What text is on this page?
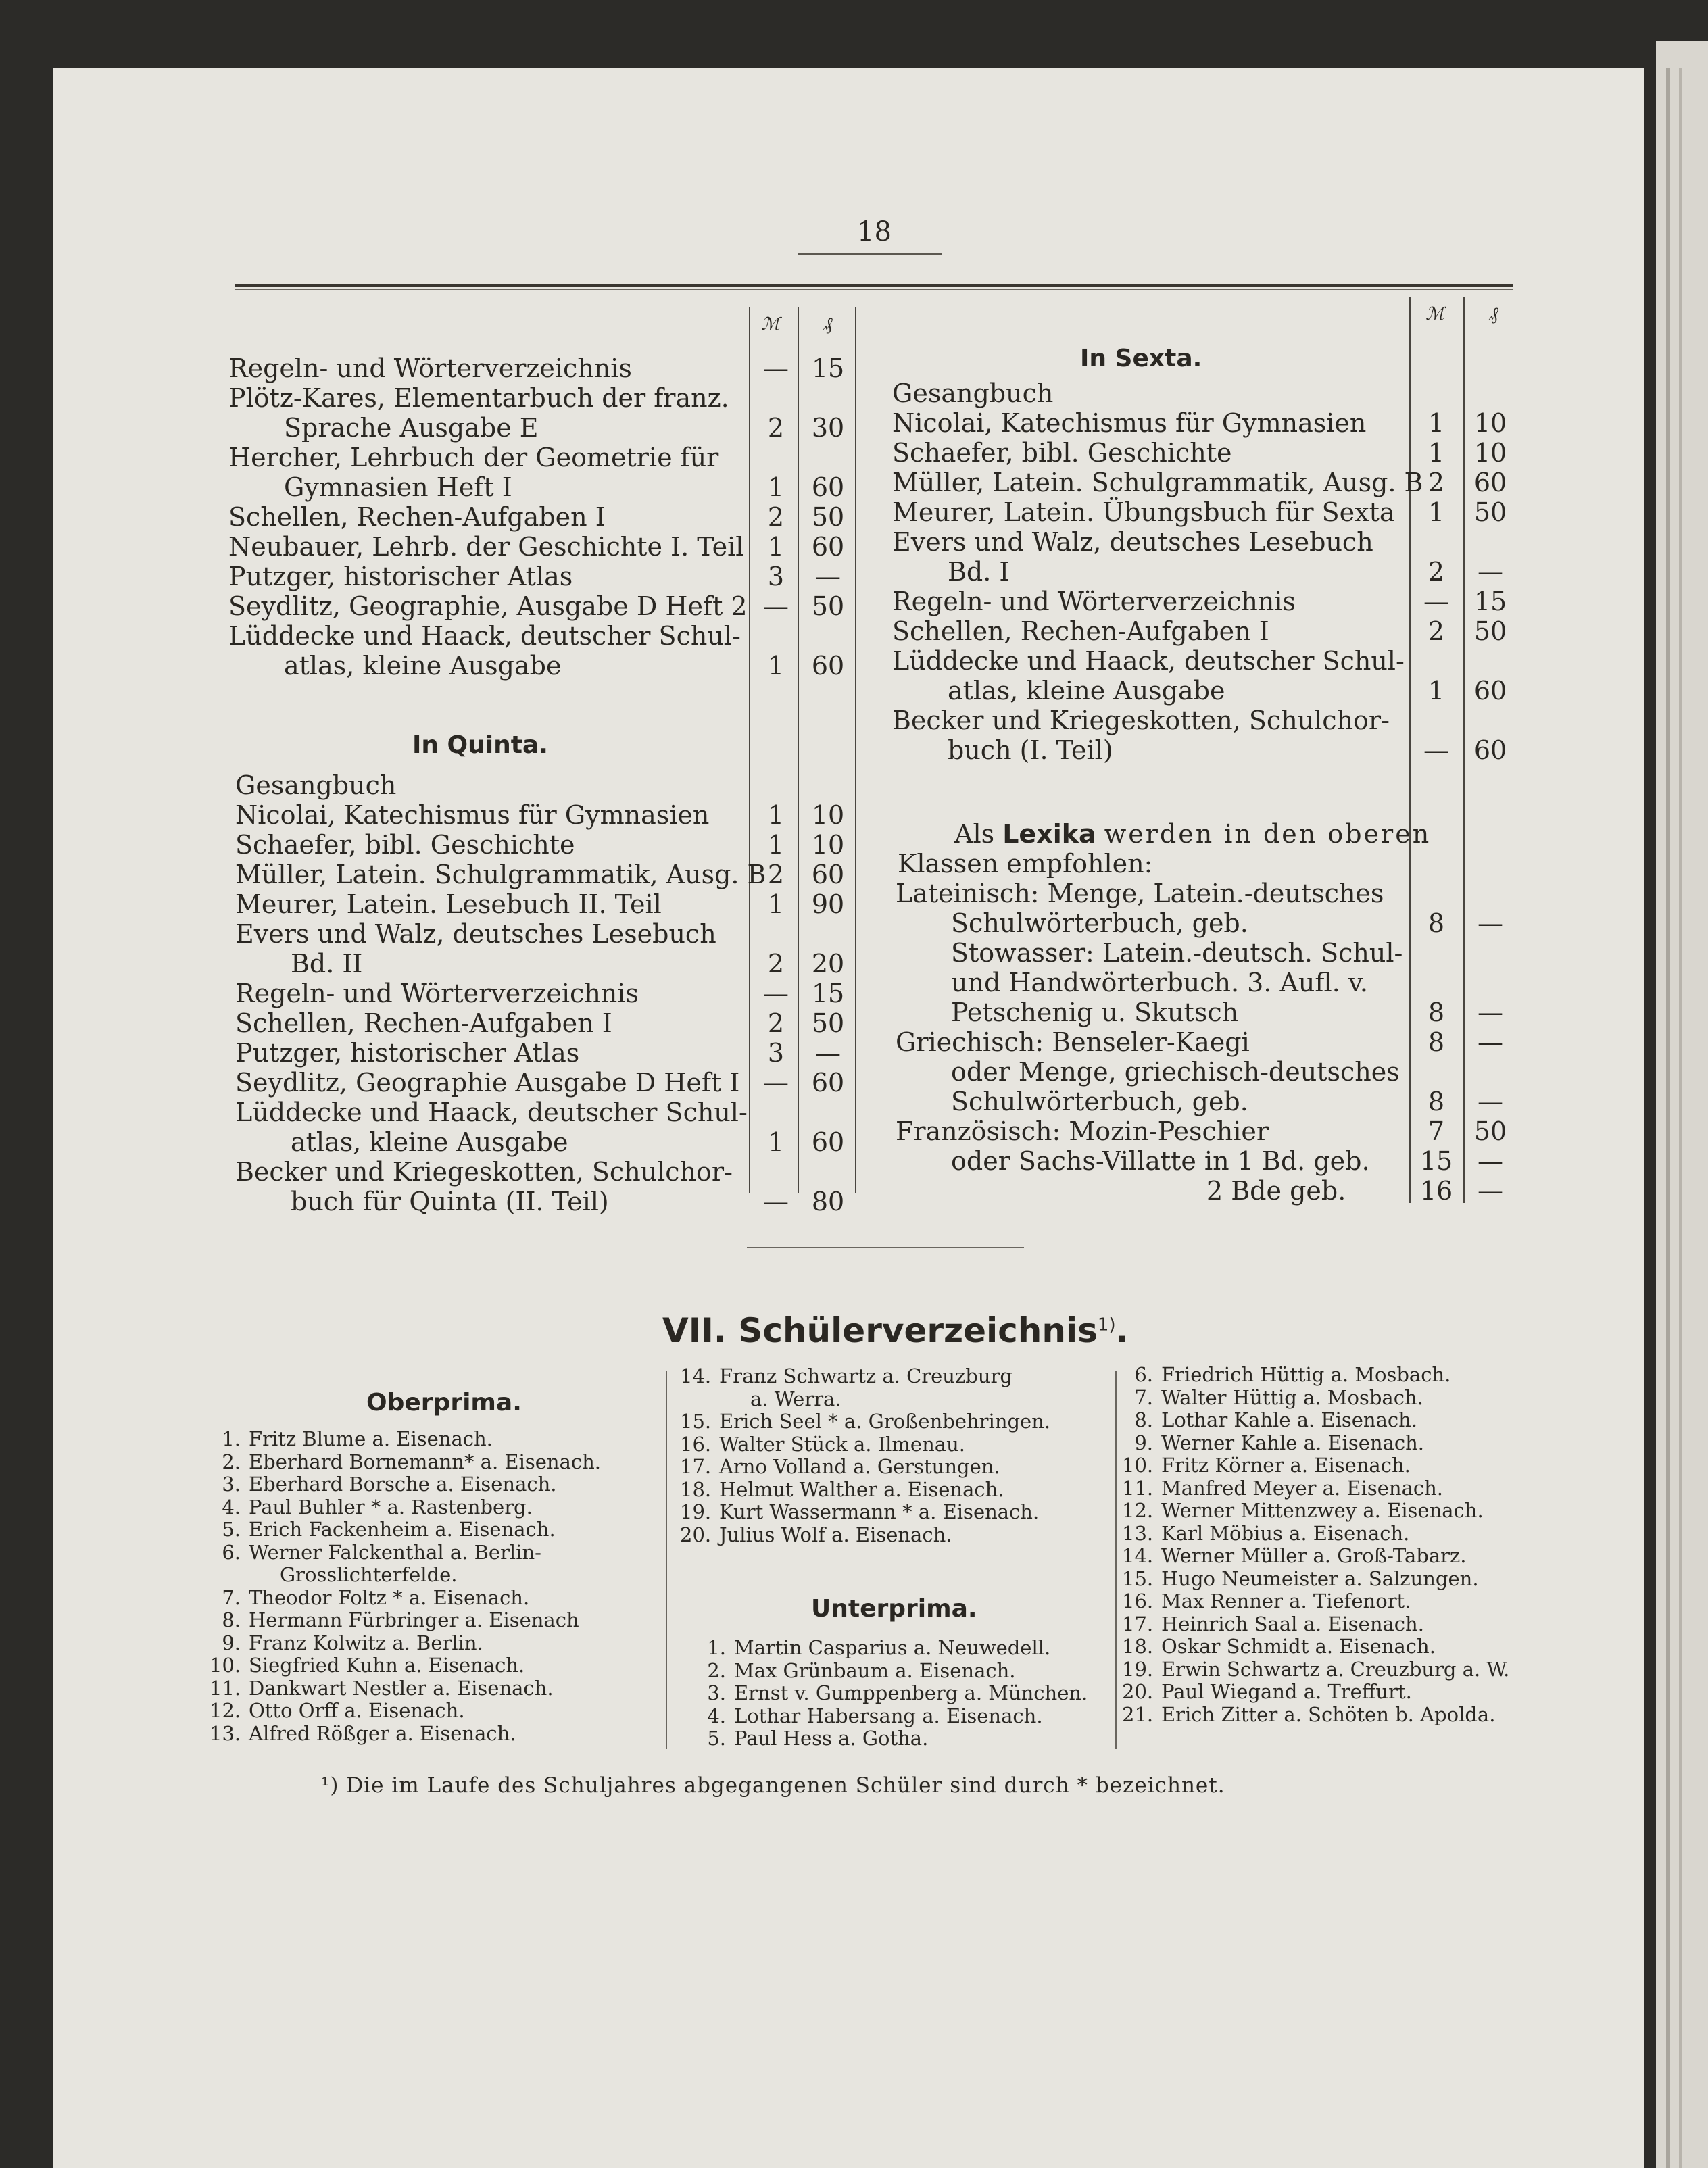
18
ℳ	₰	ℳ	₰
Regeln- und Wörterverzeichnis	— 15
Plötz-Kares, Elementarbuch der franz.
Sprache Ausgabe E	2	30
Hercher, Lehrbuch der Geometrie für
Gymnasien Heft I	1	60
Schellen, Rechen-Aufgaben I	2	50
Neubauer, Lehrb. der Geschichte I. Teil 1	60
Putzger, historischer Atlas	3	—
Seydlitz, Geographie, Ausgabe D Heft 2 — 50
Lüddecke und Haack, deutscher Schul-
atlas, kleine Ausgabe	1	60
In Quinta.
Gesangbuch
Nicolai, Katechismus für Gymnasien	1	10
Schaefer, bibl. Geschichte	1	10
Müller, Latein. Schulgrammatik, Ausg. B 2	60
Meurer, Latein. Lesebuch II. Teil	1	90
Evers und Walz, deutsches Lesebuch
Bd. II	2	20
Regeln- und Wörterverzeichnis	— 15
Schellen, Rechen-Aufgaben I	2	50
Putzger, historischer Atlas	3	—
Seydlitz, Geographie Ausgabe D Heft I — 60
Lüddecke und Haack, deutscher Schul-
atlas, kleine Ausgabe	1	60
Becker und Kriegeskotten, Schulchor-
buch für Quinta (II. Teil)	— 80
In Sexta.
Gesangbuch
Nicolai, Katechismus für Gymnasien	1	10
Schaefer, bibl. Geschichte	1	10
Müller, Latein. Schulgrammatik, Ausg. B 2	60
Meurer, Latein. Übungsbuch für Sexta	1	50
Evers und Walz, deutsches Lesebuch
Bd. I	2	—
Regeln- und Wörterverzeichnis	— 15
Schellen, Rechen-Aufgaben I	2	50
Lüddecke und Haack, deutscher Schul-
atlas, kleine Ausgabe	1	60
Becker und Kriegeskotten, Schulchor-
buch (I. Teil)	— 60
Als Lexika werden in den oberen
Klassen empfohlen:
Lateinisch: Menge, Latein.-deutsches
Schulwörterbuch, geb.	8	—
Stowasser: Latein.-deutsch. Schul-
und Handwörterbuch. 3. Aufl. v.
Petschenig u. Skutsch	8	—
Griechisch: Benseler-Kaegi	8	—
oder Menge, griechisch-deutsches
Schulwörterbuch, geb.	8	—
Französisch: Mozin-Peschier	7	50
oder Sachs-Villatte in 1 Bd. geb. 15 —
2 Bde geb.	16 —
VII. Schülerverzeichnis$^{1)}$.
Oberprima.
1. Fritz Blume a. Eisenach.
2. Eberhard Bornemann* a. Eisenach.
3. Eberhard Borsche a. Eisenach.
4. Paul Buhler * a. Rastenberg.
5. Erich Fackenheim a. Eisenach.
6. Werner Falckenthal a. Berlin-
Grosslichterfelde.
7. Theodor Foltz * a. Eisenach.
8. Hermann Fürbringer a. Eisenach
9. Franz Kolwitz a. Berlin.
10. Siegfried Kuhn a. Eisenach.
11. Dankwart Nestler a. Eisenach.
12. Otto Orff a. Eisenach.
13. Alfred Rößger a. Eisenach.
14. Franz Schwartz a. Creuzburg
a. Werra.
15. Erich Seel * a. Großenbehringen.
16. Walter Stück a. Ilmenau.
17. Arno Volland a. Gerstungen.
18. Helmut Walther a. Eisenach.
19. Kurt Wassermann * a. Eisenach.
20. Julius Wolf a. Eisenach.
Unterprima.
1. Martin Casparius a. Neuwedell.
2. Max Grünbaum a. Eisenach.
3. Ernst v. Gumppenberg a. München.
4. Lothar Habersang a. Eisenach.
5. Paul Hess a. Gotha.
6. Friedrich Hüttig a. Mosbach.
7. Walter Hüttig a. Mosbach.
8. Lothar Kahle a. Eisenach.
9. Werner Kahle a. Eisenach.
10. Fritz Körner a. Eisenach.
11. Manfred Meyer a. Eisenach.
12. Werner Mittenzwey a. Eisenach.
13. Karl Möbius a. Eisenach.
14. Werner Müller a. Groß-Tabarz.
15. Hugo Neumeister a. Salzungen.
16. Max Renner a. Tiefenort.
17. Heinrich Saal a. Eisenach.
18. Oskar Schmidt a. Eisenach.
19. Erwin Schwartz a. Creuzburg a. W.
20. Paul Wiegand a. Treffurt.
21. Erich Zitter a. Schöten b. Apolda.
¹) Die im Laufe des Schuljahres abgegangenen Schüler sind durch * bezeichnet.
